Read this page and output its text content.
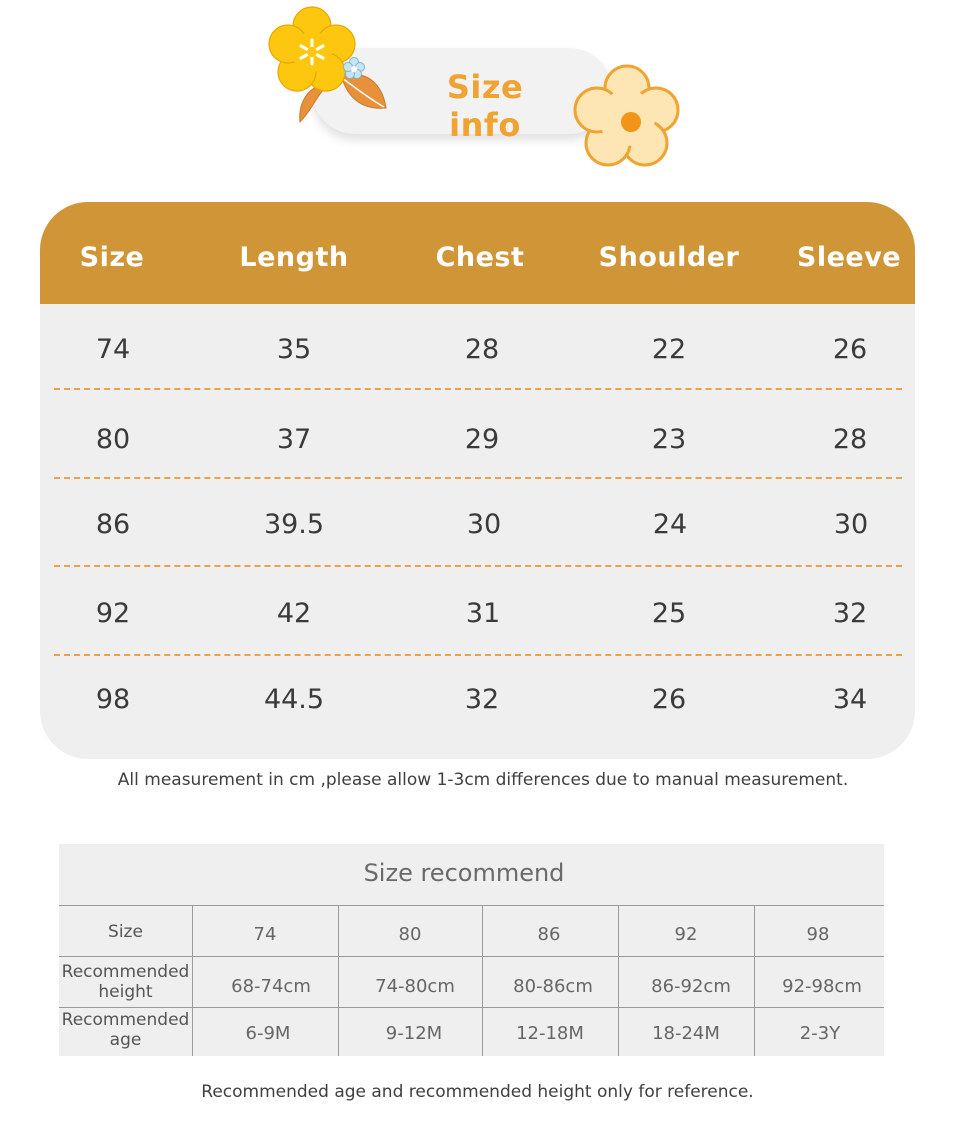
Size info
Size	Length	Chest	Shoulder	Sleeve
74	35	28	22	26
80	37	29	23	28
86	39.5	30	24	30
92	42	31	25	32
98	44.5	32	26	34
All measurement in cm ,please allow 1-3cm differences due to manual measurement.
Size recommend
Size	74	80	86	92	98
Recommended
height	68-74cm	74-80cm	80-86cm	86-92cm	92-98cm
Recommended
age	6-9M	9-12M	12-18M	18-24M	2-3Y
Recommended age and recommended height only for reference.
